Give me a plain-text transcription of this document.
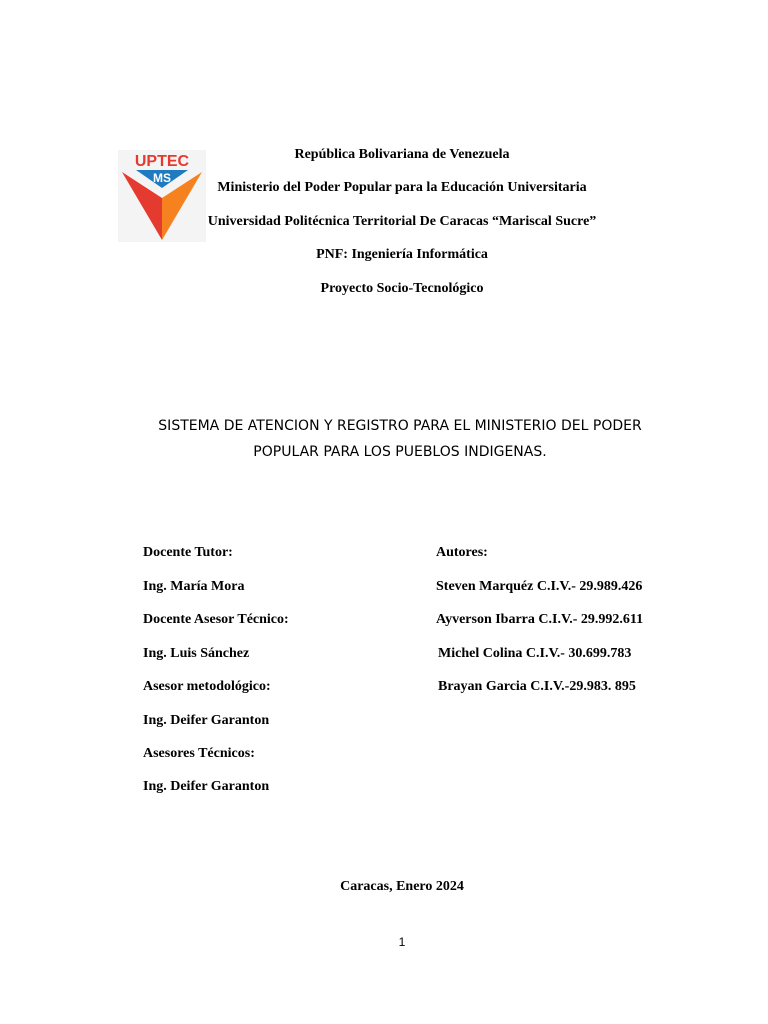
UPTEC
MS
República Bolivariana de Venezuela
Ministerio del Poder Popular para la Educación Universitaria
Universidad Politécnica Territorial De Caracas “Mariscal Sucre”
PNF: Ingeniería Informática
Proyecto Socio-Tecnológico
SISTEMA DE ATENCION Y REGISTRO PARA EL MINISTERIO DEL PODER
POPULAR PARA LOS PUEBLOS INDIGENAS.
Docente Tutor:
Ing. María Mora
Docente Asesor Técnico:
Ing. Luis Sánchez
Asesor metodológico:
Ing. Deifer Garanton
Asesores Técnicos:
Ing. Deifer Garanton
Autores:
Steven Marquéz C.I.V.- 29.989.426
Ayverson Ibarra C.I.V.- 29.992.611
Michel Colina C.I.V.- 30.699.783
Brayan Garcia C.I.V.-29.983. 895
Caracas, Enero 2024
1
